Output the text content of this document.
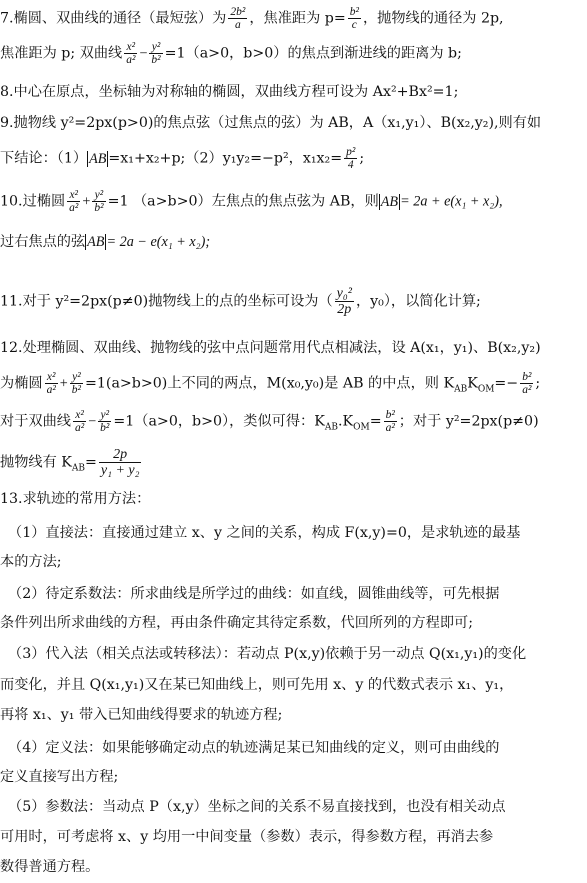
7.椭圆、双曲线的通径（最短弦）为 $\frac{\text{2b²}}{a}$ ，焦准距为 $p= \frac{\text{b²}}{c}$ ，抛物线的通径为 2p,
焦准距为 p; 双曲线 $\frac{\text{x²}}{\text{a²}} - \frac{\text{y²}}{\text{b²}} =1(a>0$，b>0）的焦点到渐进线的距离为 b;
8.中心在原点，坐标轴为对称轴的椭圆，双曲线方程可设为 Ax²+Bx²=1;
9.抛物线 y²=2px(p>0)的焦点弦（过焦点的弦）为 AB，A（x₁,y₁）、B(x₂,y₂),则有如
下结论：（1） AB =x₁+x₂+p;（2）y₁y₂=−p²，$x_1x_2= \frac{\text{p²}}{4}$ ;
10.过椭圆 $\frac{\text{x²}}{\text{a²}} + \frac{\text{y²}}{\text{b²}} =1$ （a>b>0）左焦点的焦点弦为 AB，则 AB = 2a + e(x₁ + x₂),
过右焦点的弦 AB = 2a − e(x₁ + x₂);
11.对于 y²=2px(p≠0)抛物线上的点的坐标可设为（ $\frac{\text{y₀²}}{2p}$ ，y₀），以简化计算;
12.处理椭圆、双曲线、抛物线的弦中点问题常用代点相减法，设 A(x₁，y₁)、B(x₂,y₂)
为椭圆 $\frac{\text{x²}}{\text{a²}} + \frac{\text{y²}}{\text{b²}} =1(a>b>0)$上不同的两点，M(x₀,y₀)是 AB 的中点，则 $K_{AB}K_{OM}=- \frac{\text{b²}}{\text{a²}}$ ;
对于双曲线 $\frac{\text{x²}}{\text{a²}} - \frac{\text{y²}}{\text{b²}} =1(a>0$，b>0），类似可得：$K_{AB}.K_{OM}= \frac{\text{b²}}{\text{a²}}$ ；对于 y²=2px(p≠0)
抛物线有 $K_{AB}= \frac{2p}{\text{y₁ + y₂}}$
13.求轨迹的常用方法：
（1）直接法：直接通过建立 x、y 之间的关系，构成 F(x,y)=0，是求轨迹的最基
本的方法;
（2）待定系数法：所求曲线是所学过的曲线：如直线，圆锥曲线等，可先根据
条件列出所求曲线的方程，再由条件确定其待定系数，代回所列的方程即可;
（3）代入法（相关点法或转移法）：若动点 P(x,y)依赖于另一动点 Q(x₁,y₁)的变化
而变化，并且 Q(x₁,y₁)又在某已知曲线上，则可先用 x、y 的代数式表示 x₁、y₁，
再将 x₁、y₁ 带入已知曲线得要求的轨迹方程;
（4）定义法：如果能够确定动点的轨迹满足某已知曲线的定义，则可由曲线的
定义直接写出方程;
（5）参数法：当动点 P（x,y）坐标之间的关系不易直接找到，也没有相关动点
可用时，可考虑将 x、y 均用一中间变量（参数）表示，得参数方程，再消去参
数得普通方程。
